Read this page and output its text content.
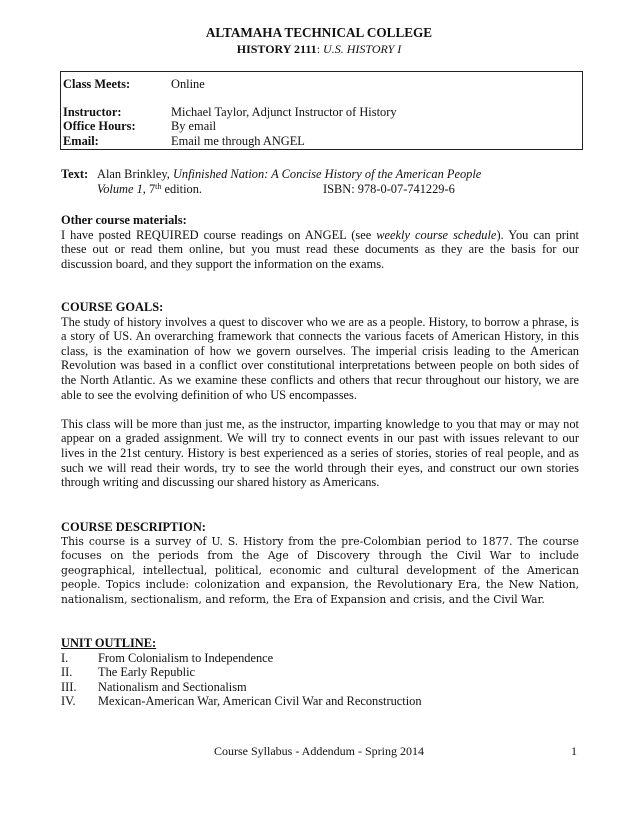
ALTAMAHA TECHNICAL COLLEGE
HISTORY 2111: U.S. HISTORY I
Class Meets:	Online
Instructor:	Michael Taylor, Adjunct Instructor of History
Office Hours:	By email
Email:	Email me through ANGEL
Text: Alan Brinkley, Unfinished Nation: A Concise History of the American People
Volume 1, 7th edition.	ISBN: 978-0-07-741229-6
Other course materials:

I have posted REQUIRED course readings on ANGEL (see weekly course schedule). You can print these out or read them online, but you must read these documents as they are the basis for our discussion board, and they support the information on the exams.

COURSE GOALS:

The study of history involves a quest to discover who we are as a people. History, to borrow a phrase, is a story of US. An overarching framework that connects the various facets of American History, in this class, is the examination of how we govern ourselves. The imperial crisis leading to the American Revolution was based in a conflict over constitutional interpretations between people on both sides of the North Atlantic. As we examine these conflicts and others that recur throughout our history, we are able to see the evolving definition of who US encompasses.

This class will be more than just me, as the instructor, imparting knowledge to you that may or may not appear on a graded assignment. We will try to connect events in our past with issues relevant to our lives in the 21st century. History is best experienced as a series of stories, stories of real people, and as such we will read their words, try to see the world through their eyes, and construct our own stories through writing and discussing our shared history as Americans.

COURSE DESCRIPTION:

This course is a survey of U. S. History from the pre-Colombian period to 1877. The course focuses on the periods from the Age of Discovery through the Civil War to include geographical, intellectual, political, economic and cultural development of the American people. Topics include: colonization and expansion, the Revolutionary Era, the New Nation, nationalism, sectionalism, and reform, the Era of Expansion and crisis, and the Civil War.

UNIT OUTLINE:
I.	From Colonialism to Independence
II.	The Early Republic
III.	Nationalism and Sectionalism
IV.	Mexican-American War, American Civil War and Reconstruction
Course Syllabus - Addendum - Spring 2014	1
